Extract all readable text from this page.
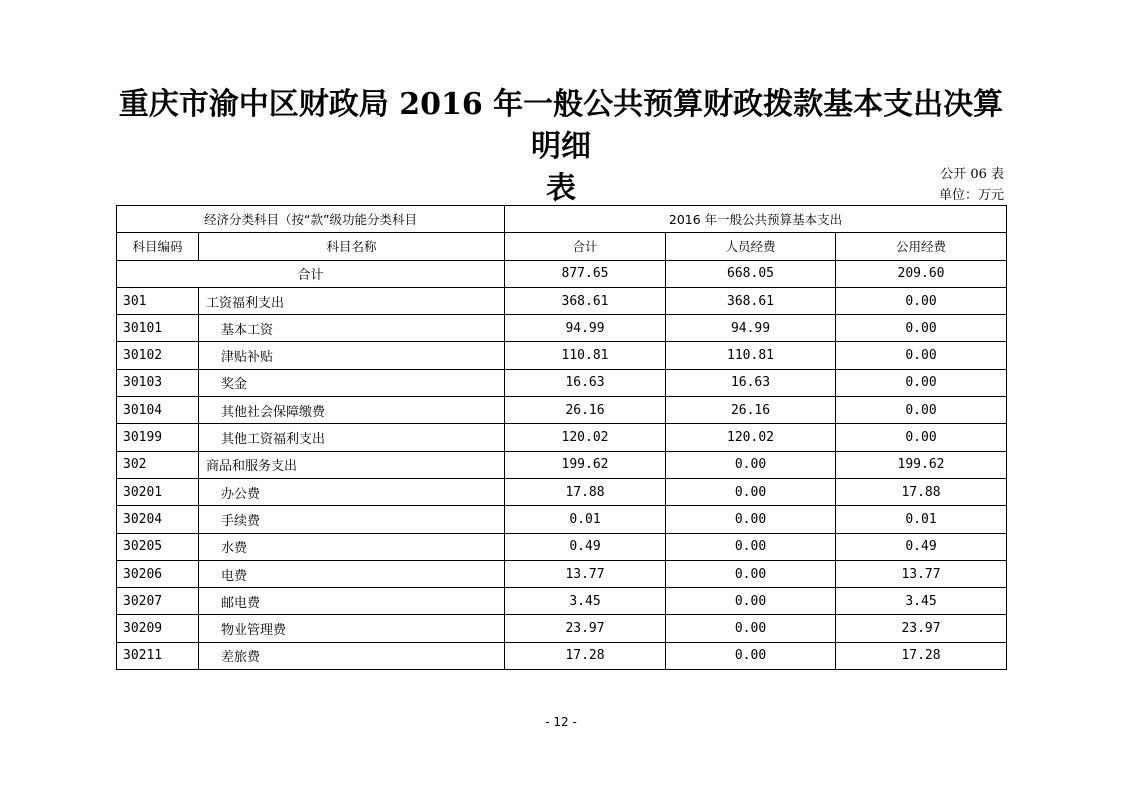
重庆市渝中区财政局 2016 年一般公共预算财政拨款基本支出决算明细
表	公开 06 表
单位：万元
经济分类科目（按“款”级功能分类科目		2016 年一般公共预算基本支出		
科目编码	科目名称	合计	人员经费	公用经费
合计		877.65	668.05	209.60
301	工资福利支出	368.61	368.61	0.00
30101	基本工资	94.99	94.99	0.00
30102	津贴补贴	110.81	110.81	0.00
30103	奖金	16.63	16.63	0.00
30104	其他社会保障缴费	26.16	26.16	0.00
30199	其他工资福利支出	120.02	120.02	0.00
302	商品和服务支出	199.62	0.00	199.62
30201	办公费	17.88	0.00	17.88
30204	手续费	0.01	0.00	0.01
30205	水费	0.49	0.00	0.49
30206	电费	13.77	0.00	13.77
30207	邮电费	3.45	0.00	3.45
30209	物业管理费	23.97	0.00	23.97
30211	差旅费	17.28	0.00	17.28
- 12 -
